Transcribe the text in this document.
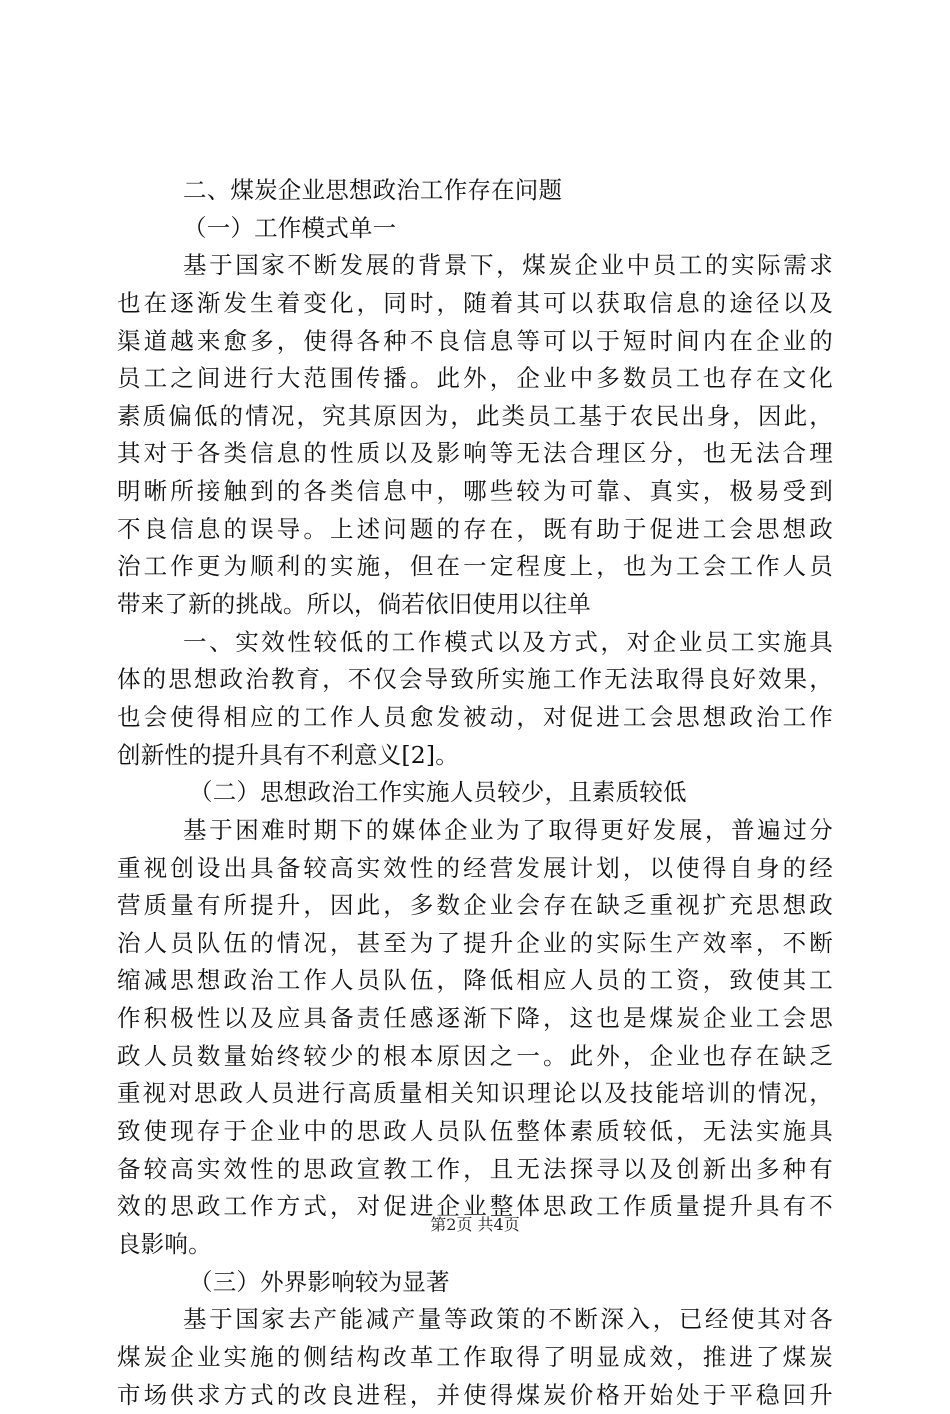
二、煤炭企业思想政治工作存在问题
（一）工作模式单一
基于国家不断发展的背景下，煤炭企业中员工的实际需求
也在逐渐发生着变化，同时，随着其可以获取信息的途径以及
渠道越来愈多，使得各种不良信息等可以于短时间内在企业的
员工之间进行大范围传播。此外，企业中多数员工也存在文化
素质偏低的情况，究其原因为，此类员工基于农民出身，因此，
其对于各类信息的性质以及影响等无法合理区分，也无法合理
明晰所接触到的各类信息中，哪些较为可靠、真实，极易受到
不良信息的误导。上述问题的存在，既有助于促进工会思想政
治工作更为顺利的实施，但在一定程度上，也为工会工作人员
带来了新的挑战。所以，倘若依旧使用以往单
一、实效性较低的工作模式以及方式，对企业员工实施具
体的思想政治教育，不仅会导致所实施工作无法取得良好效果，
也会使得相应的工作人员愈发被动，对促进工会思想政治工作
创新性的提升具有不利意义[2]。
（二）思想政治工作实施人员较少，且素质较低
基于困难时期下的媒体企业为了取得更好发展，普遍过分
重视创设出具备较高实效性的经营发展计划，以使得自身的经
营质量有所提升，因此，多数企业会存在缺乏重视扩充思想政
治人员队伍的情况，甚至为了提升企业的实际生产效率，不断
缩减思想政治工作人员队伍，降低相应人员的工资，致使其工
作积极性以及应具备责任感逐渐下降，这也是煤炭企业工会思
政人员数量始终较少的根本原因之一。此外，企业也存在缺乏
重视对思政人员进行高质量相关知识理论以及技能培训的情况，
致使现存于企业中的思政人员队伍整体素质较低，无法实施具
备较高实效性的思政宣教工作，且无法探寻以及创新出多种有
效的思政工作方式，对促进企业整体思政工作质量提升具有不
良影响。
（三）外界影响较为显著
基于国家去产能减产量等政策的不断深入，已经使其对各
煤炭企业实施的侧结构改革工作取得了明显成效，推进了煤炭
市场供求方式的改良进程，并使得煤炭价格开始处于平稳回升
第2页 共4页
